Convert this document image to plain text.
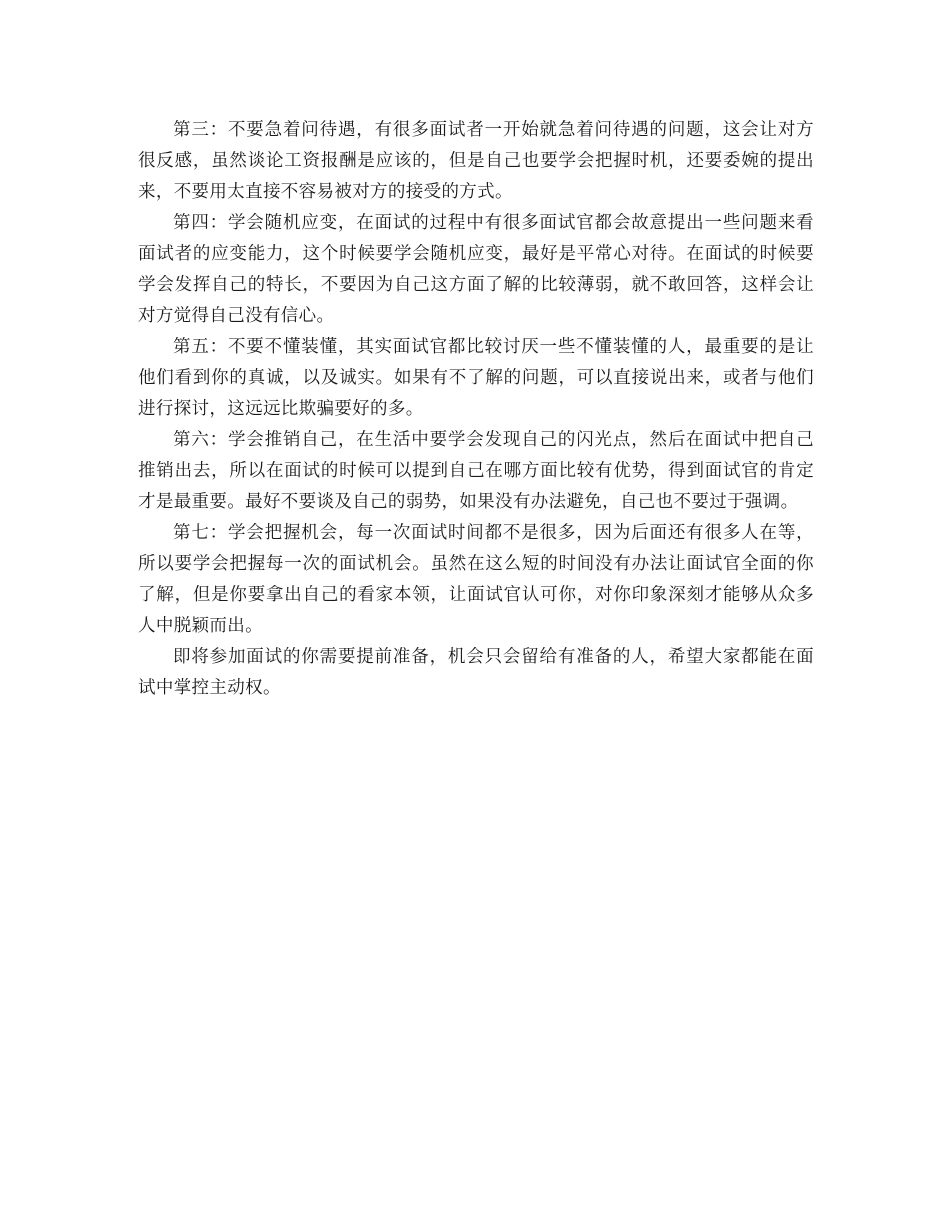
第三：不要急着问待遇，有很多面试者一开始就急着问待遇的问题，这会让对方很反感，虽然谈论工资报酬是应该的，但是自己也要学会把握时机，还要委婉的提出来，不要用太直接不容易被对方的接受的方式。

第四：学会随机应变，在面试的过程中有很多面试官都会故意提出一些问题来看面试者的应变能力，这个时候要学会随机应变，最好是平常心对待。在面试的时候要学会发挥自己的特长，不要因为自己这方面了解的比较薄弱，就不敢回答，这样会让对方觉得自己没有信心。

第五：不要不懂装懂，其实面试官都比较讨厌一些不懂装懂的人，最重要的是让他们看到你的真诚，以及诚实。如果有不了解的问题，可以直接说出来，或者与他们进行探讨，这远远比欺骗要好的多。

第六：学会推销自己，在生活中要学会发现自己的闪光点，然后在面试中把自己推销出去，所以在面试的时候可以提到自己在哪方面比较有优势，得到面试官的肯定才是最重要。最好不要谈及自己的弱势，如果没有办法避免，自己也不要过于强调。

第七：学会把握机会，每一次面试时间都不是很多，因为后面还有很多人在等，所以要学会把握每一次的面试机会。虽然在这么短的时间没有办法让面试官全面的你了解，但是你要拿出自己的看家本领，让面试官认可你，对你印象深刻才能够从众多人中脱颖而出。

即将参加面试的你需要提前准备，机会只会留给有准备的人，希望大家都能在面试中掌控主动权。
